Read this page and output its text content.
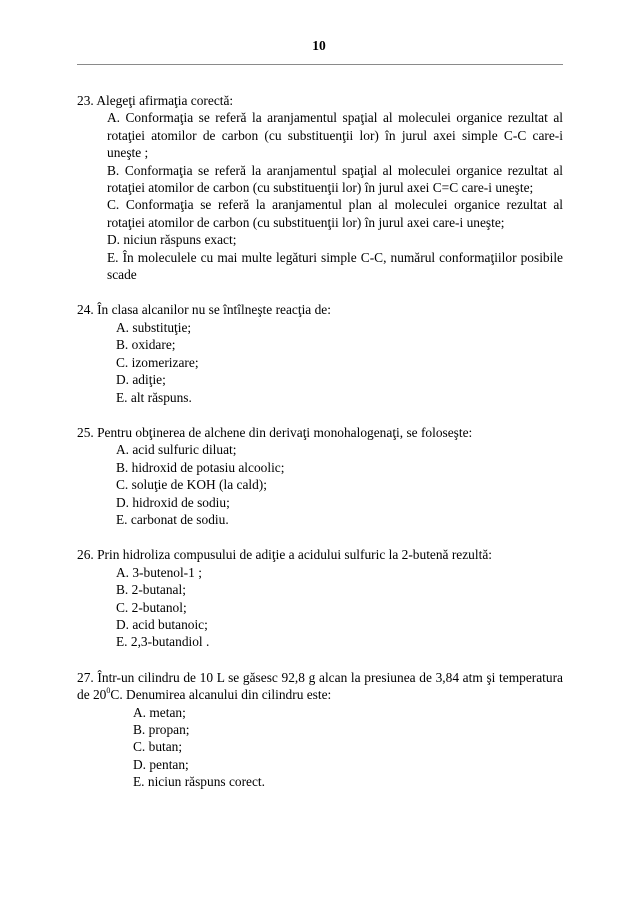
10

23. Alegeţi afirmaţia corectă:

A. Conformaţia se referă la aranjamentul spaţial al moleculei organice rezultat al rotaţiei atomilor de carbon (cu substituenţii lor) în jurul axei simple C-C care-i uneşte ;

B. Conformaţia se referă la aranjamentul spaţial al moleculei organice rezultat al rotaţiei atomilor de carbon (cu substituenţii lor) în jurul axei C=C care-i uneşte;

C. Conformaţia se referă la aranjamentul plan al moleculei organice rezultat al rotaţiei atomilor de carbon (cu substituenţii lor) în jurul axei care-i uneşte;

D. niciun răspuns exact;

E. În moleculele cu mai multe legături simple C-C, numărul conformaţiilor posibile scade

24. În clasa alcanilor nu se întîlneşte reacţia de:

A. substituţie;

B. oxidare;

C. izomerizare;

D. adiţie;

E. alt răspuns.

25. Pentru obţinerea de alchene din derivaţi monohalogenaţi, se foloseşte:

A. acid sulfuric diluat;

B. hidroxid de potasiu alcoolic;

C. soluţie de KOH (la cald);

D. hidroxid de sodiu;

E. carbonat de sodiu.

26. Prin hidroliza compusului de adiţie a acidului sulfuric la 2-butenă rezultă:

A. 3-butenol-1 ;

B. 2-butanal;

C. 2-butanol;

D. acid butanoic;

E. 2,3-butandiol .

27. Într-un cilindru de 10 L se găsesc 92,8 g alcan la presiunea de 3,84 atm şi temperatura de $20^0C$. Denumirea alcanului din cilindru este:

A. metan;

B. propan;

C. butan;

D. pentan;

E. niciun răspuns corect.
